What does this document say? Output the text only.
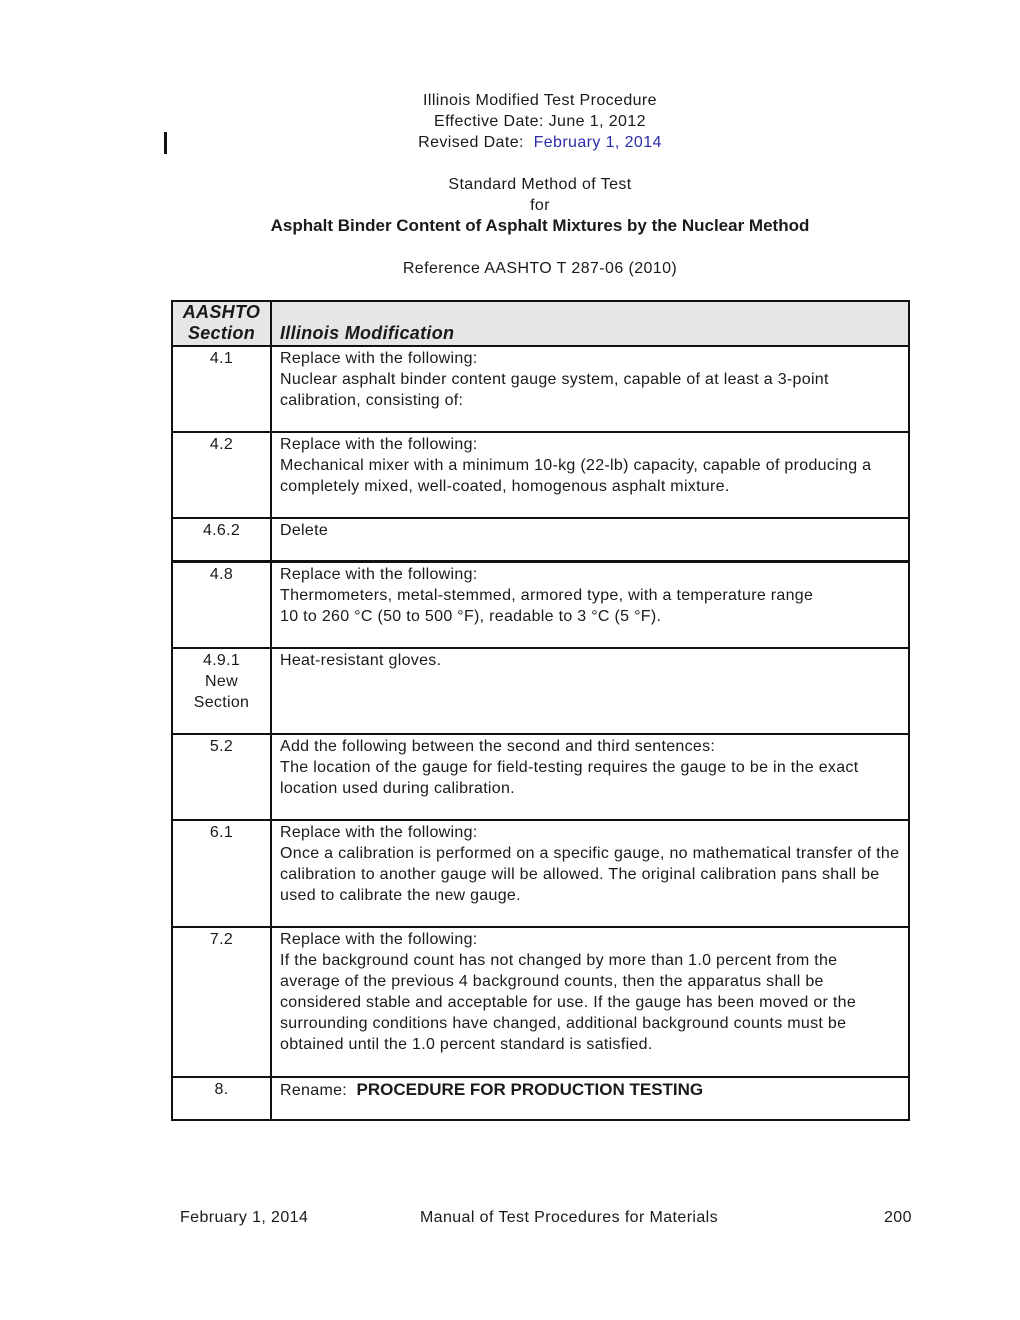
Illinois Modified Test Procedure
Effective Date: June 1, 2012
Revised Date: February 1, 2014
Standard Method of Test
for
Asphalt Binder Content of Asphalt Mixtures by the Nuclear Method
Reference AASHTO T 287-06 (2010)
AASHTO
Section	Illinois Modification
4.1	Replace with the following:
Nuclear asphalt binder content gauge system, capable of at least a 3-point calibration, consisting of:

4.2	Replace with the following:
Mechanical mixer with a minimum 10-kg (22-lb) capacity, capable of producing a completely mixed, well-coated, homogenous asphalt mixture.

4.6.2	Delete

4.8	Replace with the following:
Thermometers, metal-stemmed, armored type, with a temperature range
10 to 260 °C (50 to 500 °F), readable to 3 °C (5 °F).

4.9.1
New
Section	Heat-resistant gloves.

5.2	Add the following between the second and third sentences:
The location of the gauge for field-testing requires the gauge to be in the exact location used during calibration.

6.1	Replace with the following:
Once a calibration is performed on a specific gauge, no mathematical transfer of the calibration to another gauge will be allowed. The original calibration pans shall be used to calibrate the new gauge.

7.2	Replace with the following:
If the background count has not changed by more than 1.0 percent from the average of the previous 4 background counts, then the apparatus shall be considered stable and acceptable for use. If the gauge has been moved or the surrounding conditions have changed, additional background counts must be obtained until the 1.0 percent standard is satisfied.

8.	Rename: PROCEDURE FOR PRODUCTION TESTING
February 1, 2014	Manual of Test Procedures for Materials	200
